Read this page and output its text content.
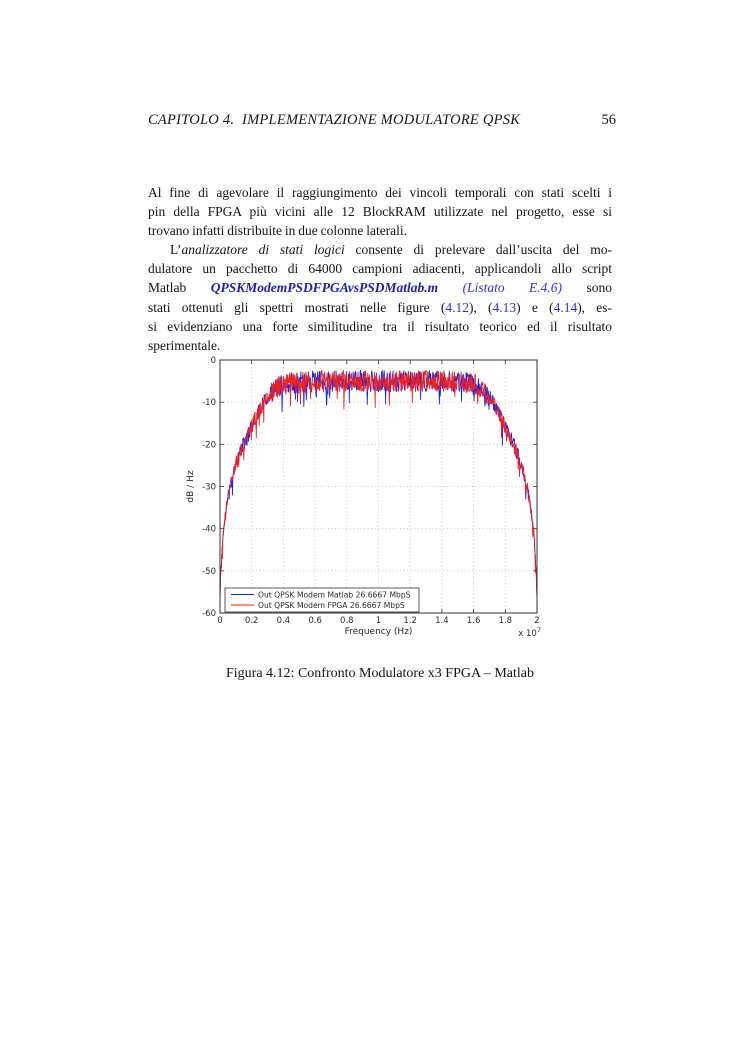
CAPITOLO 4.  IMPLEMENTAZIONE MODULATORE QPSK	56
Al fine di agevolare il raggiungimento dei vincoli temporali con stati scelti i
pin della FPGA più vicini alle 12 BlockRAM utilizzate nel progetto, esse si
trovano infatti distribuite in due colonne laterali.
L’analizzatore di stati logici consente di prelevare dall’uscita del mo-
dulatore un pacchetto di 64000 campioni adiacenti, applicandoli allo script
Matlab QPSKModemPSDFPGAvsPSDMatlab.m (Listato E.4.6) sono
stati ottenuti gli spettri mostrati nelle figure (4.12), (4.13) e (4.14), es-
si evidenziano una forte similitudine tra il risultato teorico ed il risultato
sperimentale.
0	0.2 0.4 0.6 0.8	1	1.2 1.4 1.6 1.8	2
0
-10
-20
-30
-40
-50
-60
Frequency (Hz)
dB / Hz
x $10^7$
Out QPSK Modem Matlab 26.6667 MbpS
Out QPSK Modem FPGA 26.6667 MbpS
Figura 4.12: Confronto Modulatore x3 FPGA – Matlab
